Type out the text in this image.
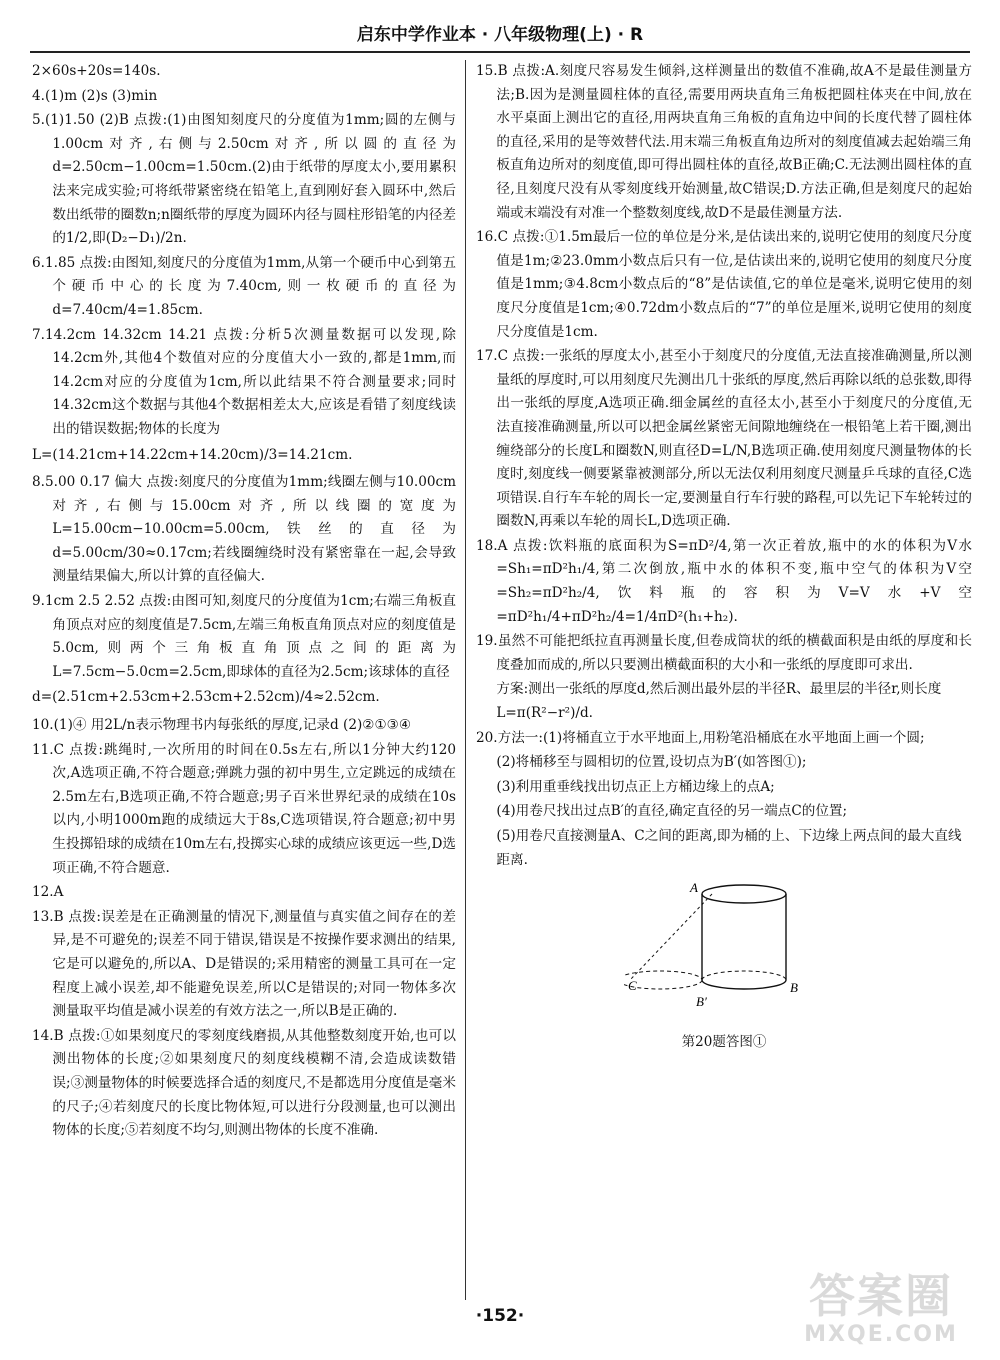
启东中学作业本 · 八年级物理(上) · R
2×60s+20s=140s.
4.(1)m (2)s (3)min
5.(1)1.50 (2)B 点拨:(1)由图知刻度尺的分度值为1mm;圆的左侧与1.00cm对齐,右侧与2.50cm对齐,所以圆的直径为d=2.50cm−1.00cm=1.50cm.(2)由于纸带的厚度太小,要用累积法来完成实验;可将纸带紧密绕在铅笔上,直到刚好套入圆环中,然后数出纸带的圈数n;n圈纸带的厚度为圆环内径与圆柱形铅笔的内径差的1/2,即(D₂−D₁)/2n.
6.1.85 点拨:由图知,刻度尺的分度值为1mm,从第一个硬币中心到第五个硬币中心的长度为7.40cm,则一枚硬币的直径为d=7.40cm/4=1.85cm.
7.14.2cm 14.32cm 14.21 点拨:分析5次测量数据可以发现,除14.2cm外,其他4个数值对应的分度值大小一致的,都是1mm,而14.2cm对应的分度值为1cm,所以此结果不符合测量要求;同时14.32cm这个数据与其他4个数据相差太大,应该是看错了刻度线读出的错误数据;物体的长度为
L=(14.21cm+14.22cm+14.20cm)/3=14.21cm.
8.5.00 0.17 偏大 点拨:刻度尺的分度值为1mm;线圈左侧与10.00cm对齐,右侧与15.00cm对齐,所以线圈的宽度为L=15.00cm−10.00cm=5.00cm,铁丝的直径为d=5.00cm/30≈0.17cm;若线圈缠绕时没有紧密靠在一起,会导致测量结果偏大,所以计算的直径偏大.
9.1cm 2.5 2.52 点拨:由图可知,刻度尺的分度值为1cm;右端三角板直角顶点对应的刻度值是7.5cm,左端三角板直角顶点对应的刻度值是5.0cm,则两个三角板直角顶点之间的距离为L=7.5cm−5.0cm=2.5cm,即球体的直径为2.5cm;该球体的直径
d=(2.51cm+2.53cm+2.53cm+2.52cm)/4≈2.52cm.
10.(1)④ 用2L/n表示物理书内每张纸的厚度,记录d (2)②①③④
11.C 点拨:跳绳时,一次所用的时间在0.5s左右,所以1分钟大约120次,A选项正确,不符合题意;弹跳力强的初中男生,立定跳远的成绩在2.5m左右,B选项正确,不符合题意;男子百米世界纪录的成绩在10s以内,小明1000m跑的成绩远大于8s,C选项错误,符合题意;初中男生投掷铅球的成绩在10m左右,投掷实心球的成绩应该更远一些,D选项正确,不符合题意.
12.A
13.B 点拨:误差是在正确测量的情况下,测量值与真实值之间存在的差异,是不可避免的;误差不同于错误,错误是不按操作要求测出的结果,它是可以避免的,所以A、D是错误的;采用精密的测量工具可在一定程度上减小误差,却不能避免误差,所以C是错误的;对同一物体多次测量取平均值是减小误差的有效方法之一,所以B是正确的.
14.B 点拨:①如果刻度尺的零刻度线磨损,从其他整数刻度开始,也可以测出物体的长度;②如果刻度尺的刻度线模糊不清,会造成读数错误;③测量物体的时候要选择合适的刻度尺,不是都选用分度值是毫米的尺子;④若刻度尺的长度比物体短,可以进行分段测量,也可以测出物体的长度;⑤若刻度不均匀,则测出物体的长度不准确.
15.B 点拨:A.刻度尺容易发生倾斜,这样测量出的数值不准确,故A不是最佳测量方法;B.因为是测量圆柱体的直径,需要用两块直角三角板把圆柱体夹在中间,放在水平桌面上测出它的直径,用两块直角三角板的直角边中间的长度代替了圆柱体的直径,采用的是等效替代法.用末端三角板直角边所对的刻度值减去起始端三角板直角边所对的刻度值,即可得出圆柱体的直径,故B正确;C.无法测出圆柱体的直径,且刻度尺没有从零刻度线开始测量,故C错误;D.方法正确,但是刻度尺的起始端或末端没有对准一个整数刻度线,故D不是最佳测量方法.
16.C 点拨:①1.5m最后一位的单位是分米,是估读出来的,说明它使用的刻度尺分度值是1m;②23.0mm小数点后只有一位,是估读出来的,说明它使用的刻度尺分度值是1mm;③4.8cm小数点后的“8”是估读值,它的单位是毫米,说明它使用的刻度尺分度值是1cm;④0.72dm小数点后的“7”的单位是厘米,说明它使用的刻度尺分度值是1cm.
17.C 点拨:一张纸的厚度太小,甚至小于刻度尺的分度值,无法直接准确测量,所以测量纸的厚度时,可以用刻度尺先测出几十张纸的厚度,然后再除以纸的总张数,即得出一张纸的厚度,A选项正确.细金属丝的直径太小,甚至小于刻度尺的分度值,无法直接准确测量,所以可以把金属丝紧密无间隙地缠绕在一根铅笔上若干圈,测出缠绕部分的长度L和圈数N,则直径D=L/N,B选项正确.使用刻度尺测量物体的长度时,刻度线一侧要紧靠被测部分,所以无法仅利用刻度尺测量乒乓球的直径,C选项错误.自行车车轮的周长一定,要测量自行车行驶的路程,可以先记下车轮转过的圈数N,再乘以车轮的周长L,D选项正确.
18.A 点拨:饮料瓶的底面积为S=πD²/4,第一次正着放,瓶中的水的体积为V水=Sh₁=πD²h₁/4,第二次倒放,瓶中水的体积不变,瓶中空气的体积为V空=Sh₂=πD²h₂/4,饮料瓶的容积为V=V水+V空=πD²h₁/4+πD²h₂/4=1/4πD²(h₁+h₂).
19.虽然不可能把纸拉直再测量长度,但卷成筒状的纸的横截面积是由纸的厚度和长度叠加而成的,所以只要测出横截面积的大小和一张纸的厚度即可求出.
方案:测出一张纸的厚度d,然后测出最外层的半径R、最里层的半径r,则长度L=π(R²−r²)/d.
20.方法一:(1)将桶直立于水平地面上,用粉笔沿桶底在水平地面上画一个圆;
(2)将桶移至与圆相切的位置,设切点为B′(如答图①);
(3)利用重垂线找出切点正上方桶边缘上的点A;
(4)用卷尺找出过点B′的直径,确定直径的另一端点C的位置;
(5)用卷尺直接测量A、C之间的距离,即为桶的上、下边缘上两点间的最大直线距离.
A
B
C
B′
第20题答图①
·152·	答案圈
MXQE.COM
